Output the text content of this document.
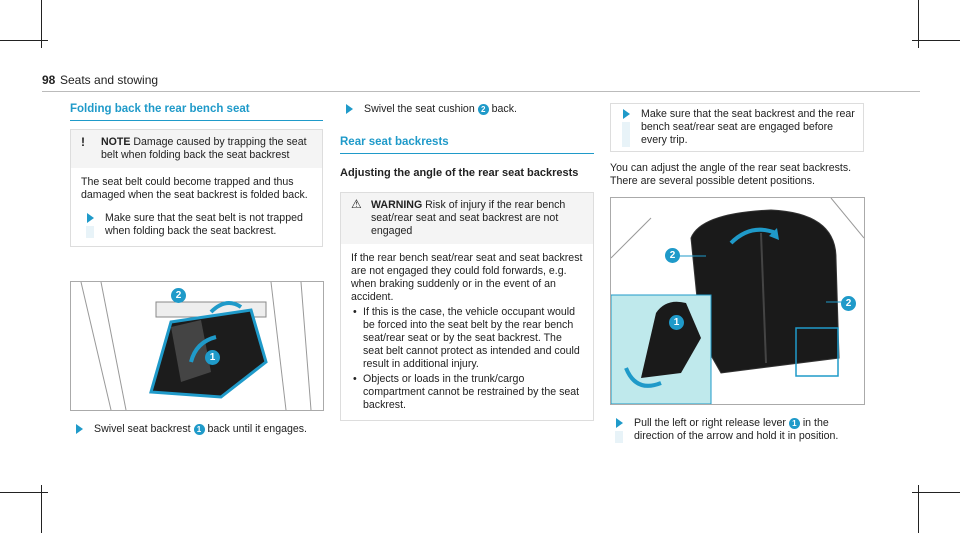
98 Seats and stowing
Folding back the rear bench seat
! NOTE Damage caused by trapping the seat belt when folding back the seat backrest
The seat belt could become trapped and thus damaged when the seat backrest is folded back.
Make sure that the seat belt is not trapped when folding back the seat backrest.
2
1
Swivel seat backrest 1 back until it engages.
Swivel the seat cushion 2 back.
Rear seat backrests
Adjusting the angle of the rear seat backrests
⚠ WARNING Risk of injury if the rear bench seat/rear seat and seat backrest are not engaged
If the rear bench seat/rear seat and seat backrest are not engaged they could fold forwards, e.g. when braking suddenly or in the event of an accident.
• If this is the case, the vehicle occupant would be forced into the seat belt by the rear bench seat/rear seat or by the seat backrest. The seat belt cannot protect as intended and could result in additional injury.
• Objects or loads in the trunk/cargo compartment cannot be restrained by the seat backrest.
Make sure that the seat backrest and the rear bench seat/rear seat are engaged before every trip.
You can adjust the angle of the rear seat backrests. There are several possible detent positions.
2
2
1
Pull the left or right release lever 1 in the direction of the arrow and hold it in position.
